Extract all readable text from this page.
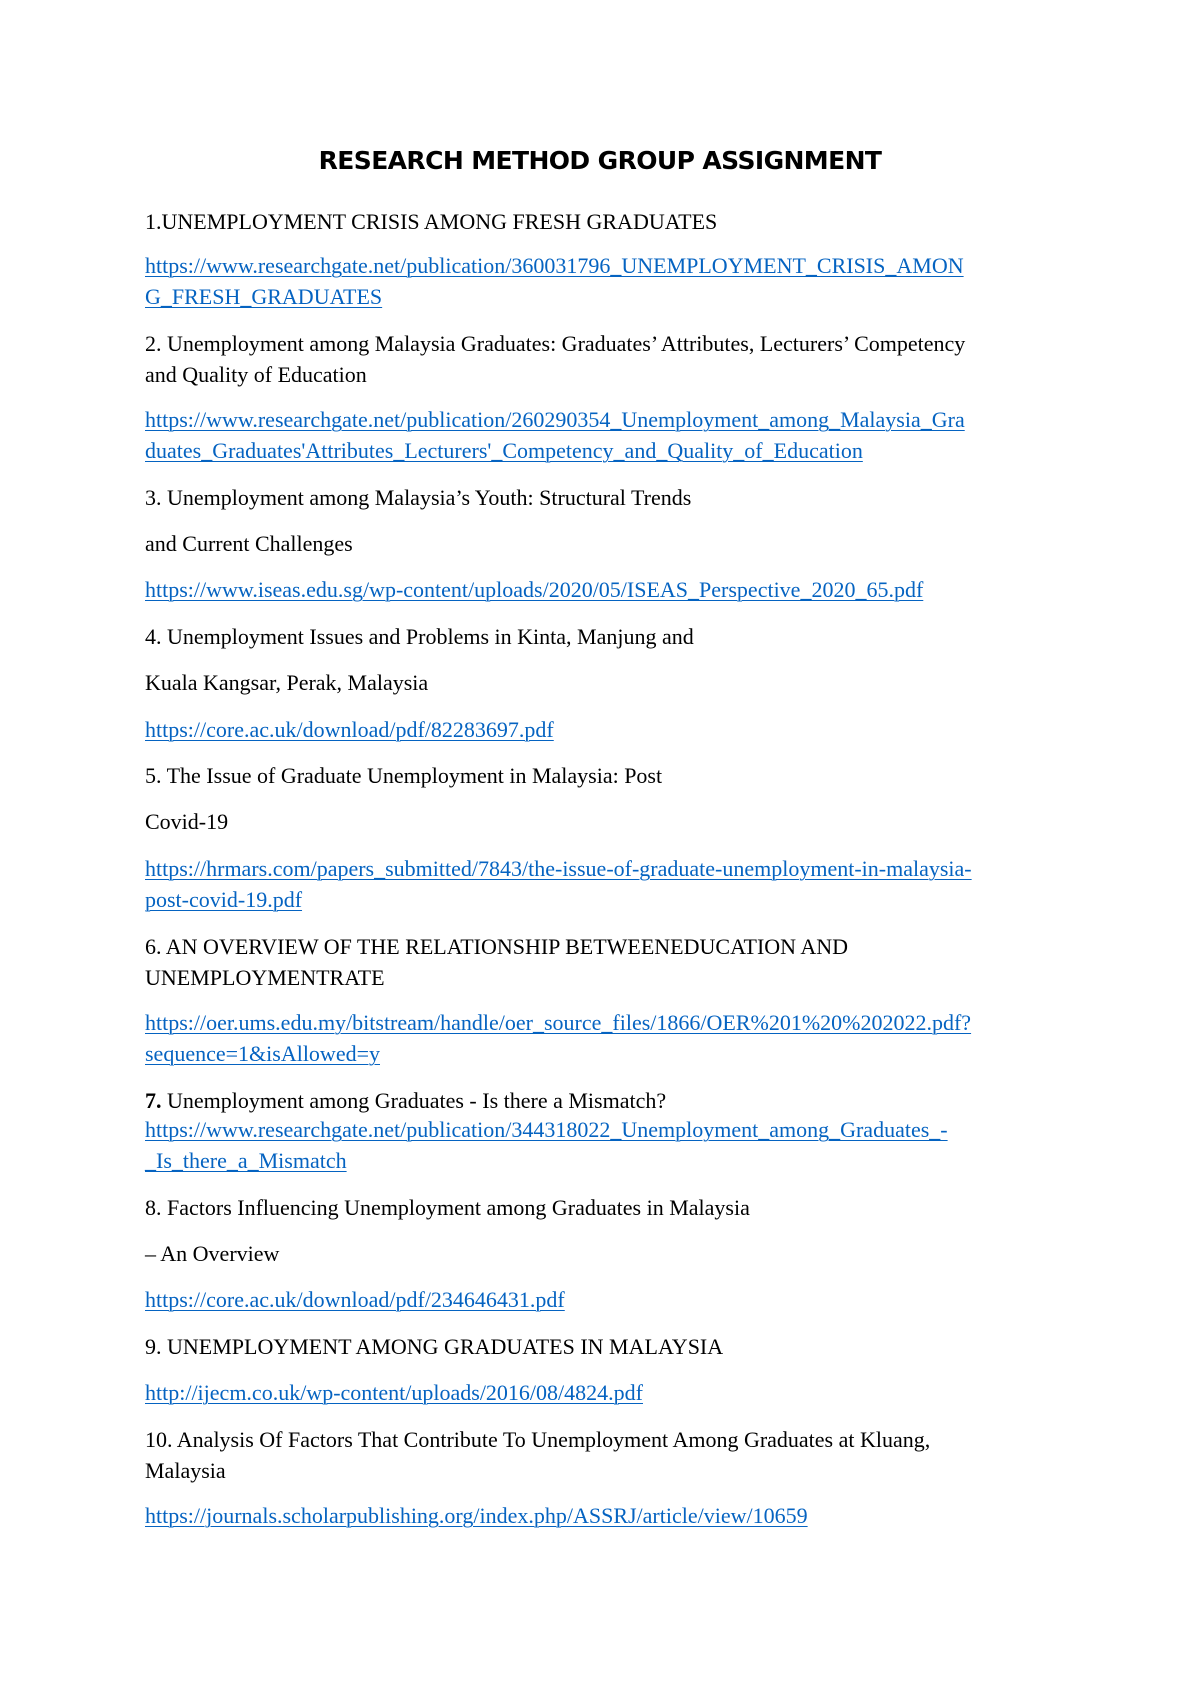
RESEARCH METHOD GROUP ASSIGNMENT

1.UNEMPLOYMENT CRISIS AMONG FRESH GRADUATES

https://www.researchgate.net/publication/360031796_UNEMPLOYMENT_CRISIS_AMON

G_FRESH_GRADUATES

2. Unemployment among Malaysia Graduates: Graduates’ Attributes, Lecturers’ Competency

and Quality of Education

https://www.researchgate.net/publication/260290354_Unemployment_among_Malaysia_Gra

duates_Graduates'Attributes_Lecturers'_Competency_and_Quality_of_Education

3. Unemployment among Malaysia’s Youth: Structural Trends

and Current Challenges

https://www.iseas.edu.sg/wp-content/uploads/2020/05/ISEAS_Perspective_2020_65.pdf

4. Unemployment Issues and Problems in Kinta, Manjung and

Kuala Kangsar, Perak, Malaysia

https://core.ac.uk/download/pdf/82283697.pdf

5. The Issue of Graduate Unemployment in Malaysia: Post

Covid-19

https://hrmars.com/papers_submitted/7843/the-issue-of-graduate-unemployment-in-malaysia-

post-covid-19.pdf

6. AN OVERVIEW OF THE RELATIONSHIP BETWEENEDUCATION AND

UNEMPLOYMENTRATE

https://oer.ums.edu.my/bitstream/handle/oer_source_files/1866/OER%201%20%202022.pdf?

sequence=1&isAllowed=y

7. Unemployment among Graduates - Is there a Mismatch?

https://www.researchgate.net/publication/344318022_Unemployment_among_Graduates_-

_Is_there_a_Mismatch

8. Factors Influencing Unemployment among Graduates in Malaysia

– An Overview

https://core.ac.uk/download/pdf/234646431.pdf

9. UNEMPLOYMENT AMONG GRADUATES IN MALAYSIA

http://ijecm.co.uk/wp-content/uploads/2016/08/4824.pdf

10. Analysis Of Factors That Contribute To Unemployment Among Graduates at Kluang,

Malaysia

https://journals.scholarpublishing.org/index.php/ASSRJ/article/view/10659
